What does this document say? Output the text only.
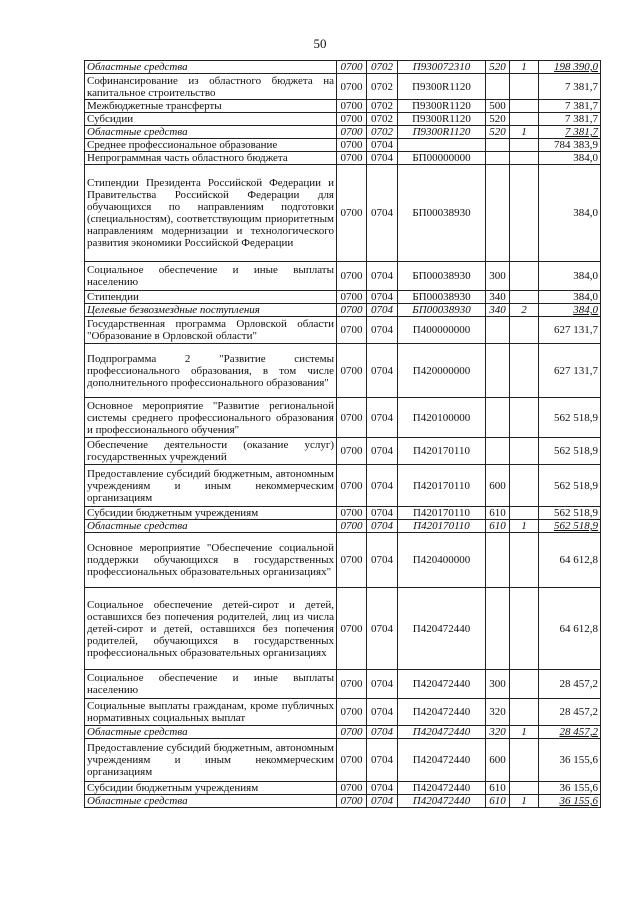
50
Областные средства	0700	0702	П930072310	520	1	198 390,0
Софинансирование из областного бюджета на капитальное строительство	0700	0702	П9300R1120			7 381,7
Межбюджетные трансферты	0700	0702	П9300R1120	500		7 381,7
Субсидии	0700	0702	П9300R1120	520		7 381,7
Областные средства	0700	0702	П9300R1120	520	1	7 381,7
Среднее профессиональное образование	0700	0704				784 383,9
Непрограммная часть областного бюджета	0700	0704	БП00000000			384,0
Стипендии Президента Российской Федерации и Правительства Российской Федерации для обучающихся по направлениям подготовки (специальностям), соответствующим приоритетным направлениям модернизации и технологического развития экономики Российской Федерации	0700	0704	БП00038930			384,0
Социальное обеспечение и иные выплаты населению	0700	0704	БП00038930	300		384,0
Стипендии	0700	0704	БП00038930	340		384,0
Целевые безвозмездные поступления	0700	0704	БП00038930	340	2	384,0
Государственная программа Орловской области "Образование в Орловской области"	0700	0704	П400000000			627 131,7
Подпрограмма 2 "Развитие системы профессионального образования, в том числе дополнительного профессионального образования"	0700	0704	П420000000			627 131,7
Основное мероприятие "Развитие региональной системы среднего профессионального образования и профессионального обучения"	0700	0704	П420100000			562 518,9
Обеспечение деятельности (оказание услуг) государственных учреждений	0700	0704	П420170110			562 518,9
Предоставление субсидий бюджетным, автономным учреждениям и иным некоммерческим организациям	0700	0704	П420170110	600		562 518,9
Субсидии бюджетным учреждениям	0700	0704	П420170110	610		562 518,9
Областные средства	0700	0704	П420170110	610	1	562 518,9
Основное мероприятие "Обеспечение социальной поддержки обучающихся в государственных профессиональных образовательных организациях"	0700	0704	П420400000			64 612,8
Социальное обеспечение детей-сирот и детей, оставшихся без попечения родителей, лиц из числа детей-сирот и детей, оставшихся без попечения родителей, обучающихся в государственных профессиональных образовательных организациях	0700	0704	П420472440			64 612,8
Социальное обеспечение и иные выплаты населению	0700	0704	П420472440	300		28 457,2
Социальные выплаты гражданам, кроме публичных нормативных социальных выплат	0700	0704	П420472440	320		28 457,2
Областные средства	0700	0704	П420472440	320	1	28 457,2
Предоставление субсидий бюджетным, автономным учреждениям и иным некоммерческим организациям	0700	0704	П420472440	600		36 155,6
Субсидии бюджетным учреждениям	0700	0704	П420472440	610		36 155,6
Областные средства	0700	0704	П420472440	610	1	36 155,6
